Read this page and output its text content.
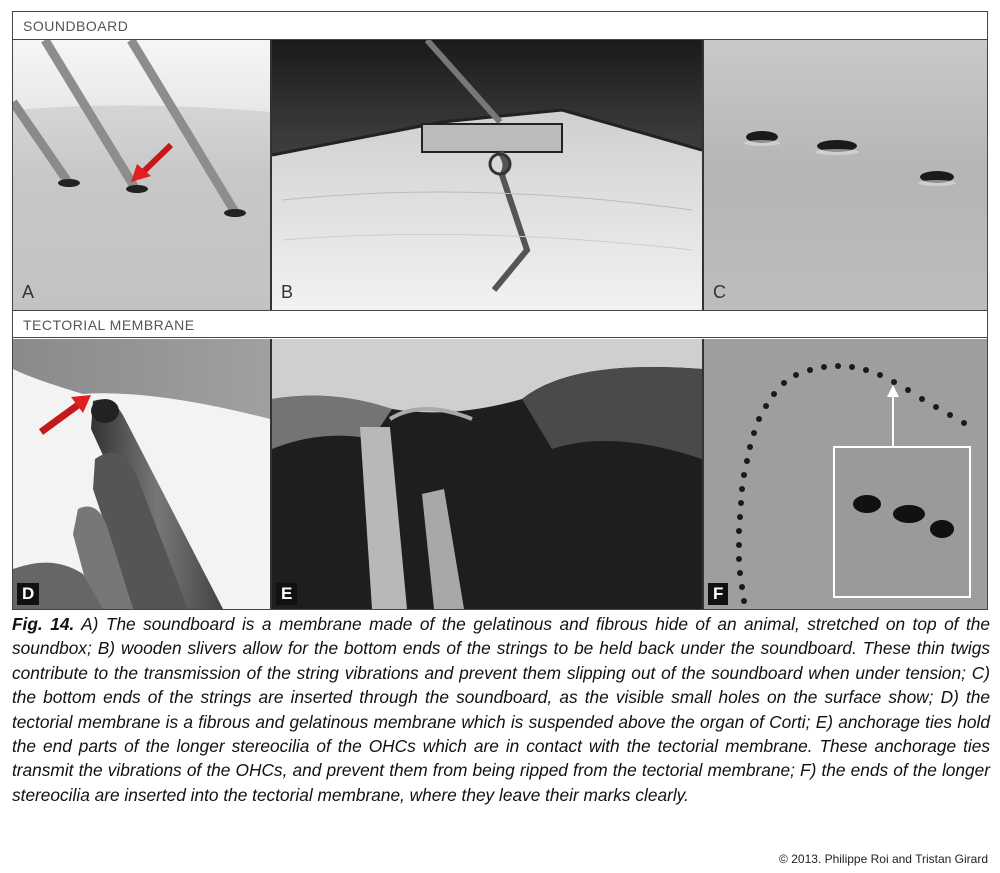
SOUNDBOARD
A	B	C
TECTORIAL MEMBRANE
D	E	F
Fig. 14. A) The soundboard is a membrane made of the gelatinous and fibrous hide of an animal, stretched on top of the soundbox; B) wooden slivers allow for the bottom ends of the strings to be held back under the soundboard. These thin twigs contribute to the transmission of the string vibrations and prevent them slipping out of the soundboard when under tension; C) the bottom ends of the strings are inserted through the soundboard, as the visible small holes on the surface show; D) the tectorial membrane is a fibrous and gelatinous membrane which is suspended above the organ of Corti; E) anchorage ties hold the end parts of the longer stereocilia of the OHCs which are in contact with the tectorial membrane. These anchorage ties transmit the vibrations of the OHCs, and prevent them from being ripped from the tectorial membrane; F) the ends of the longer stereocilia are inserted into the tectorial membrane, where they leave their marks clearly.
© 2013. Philippe Roi and Tristan Girard
